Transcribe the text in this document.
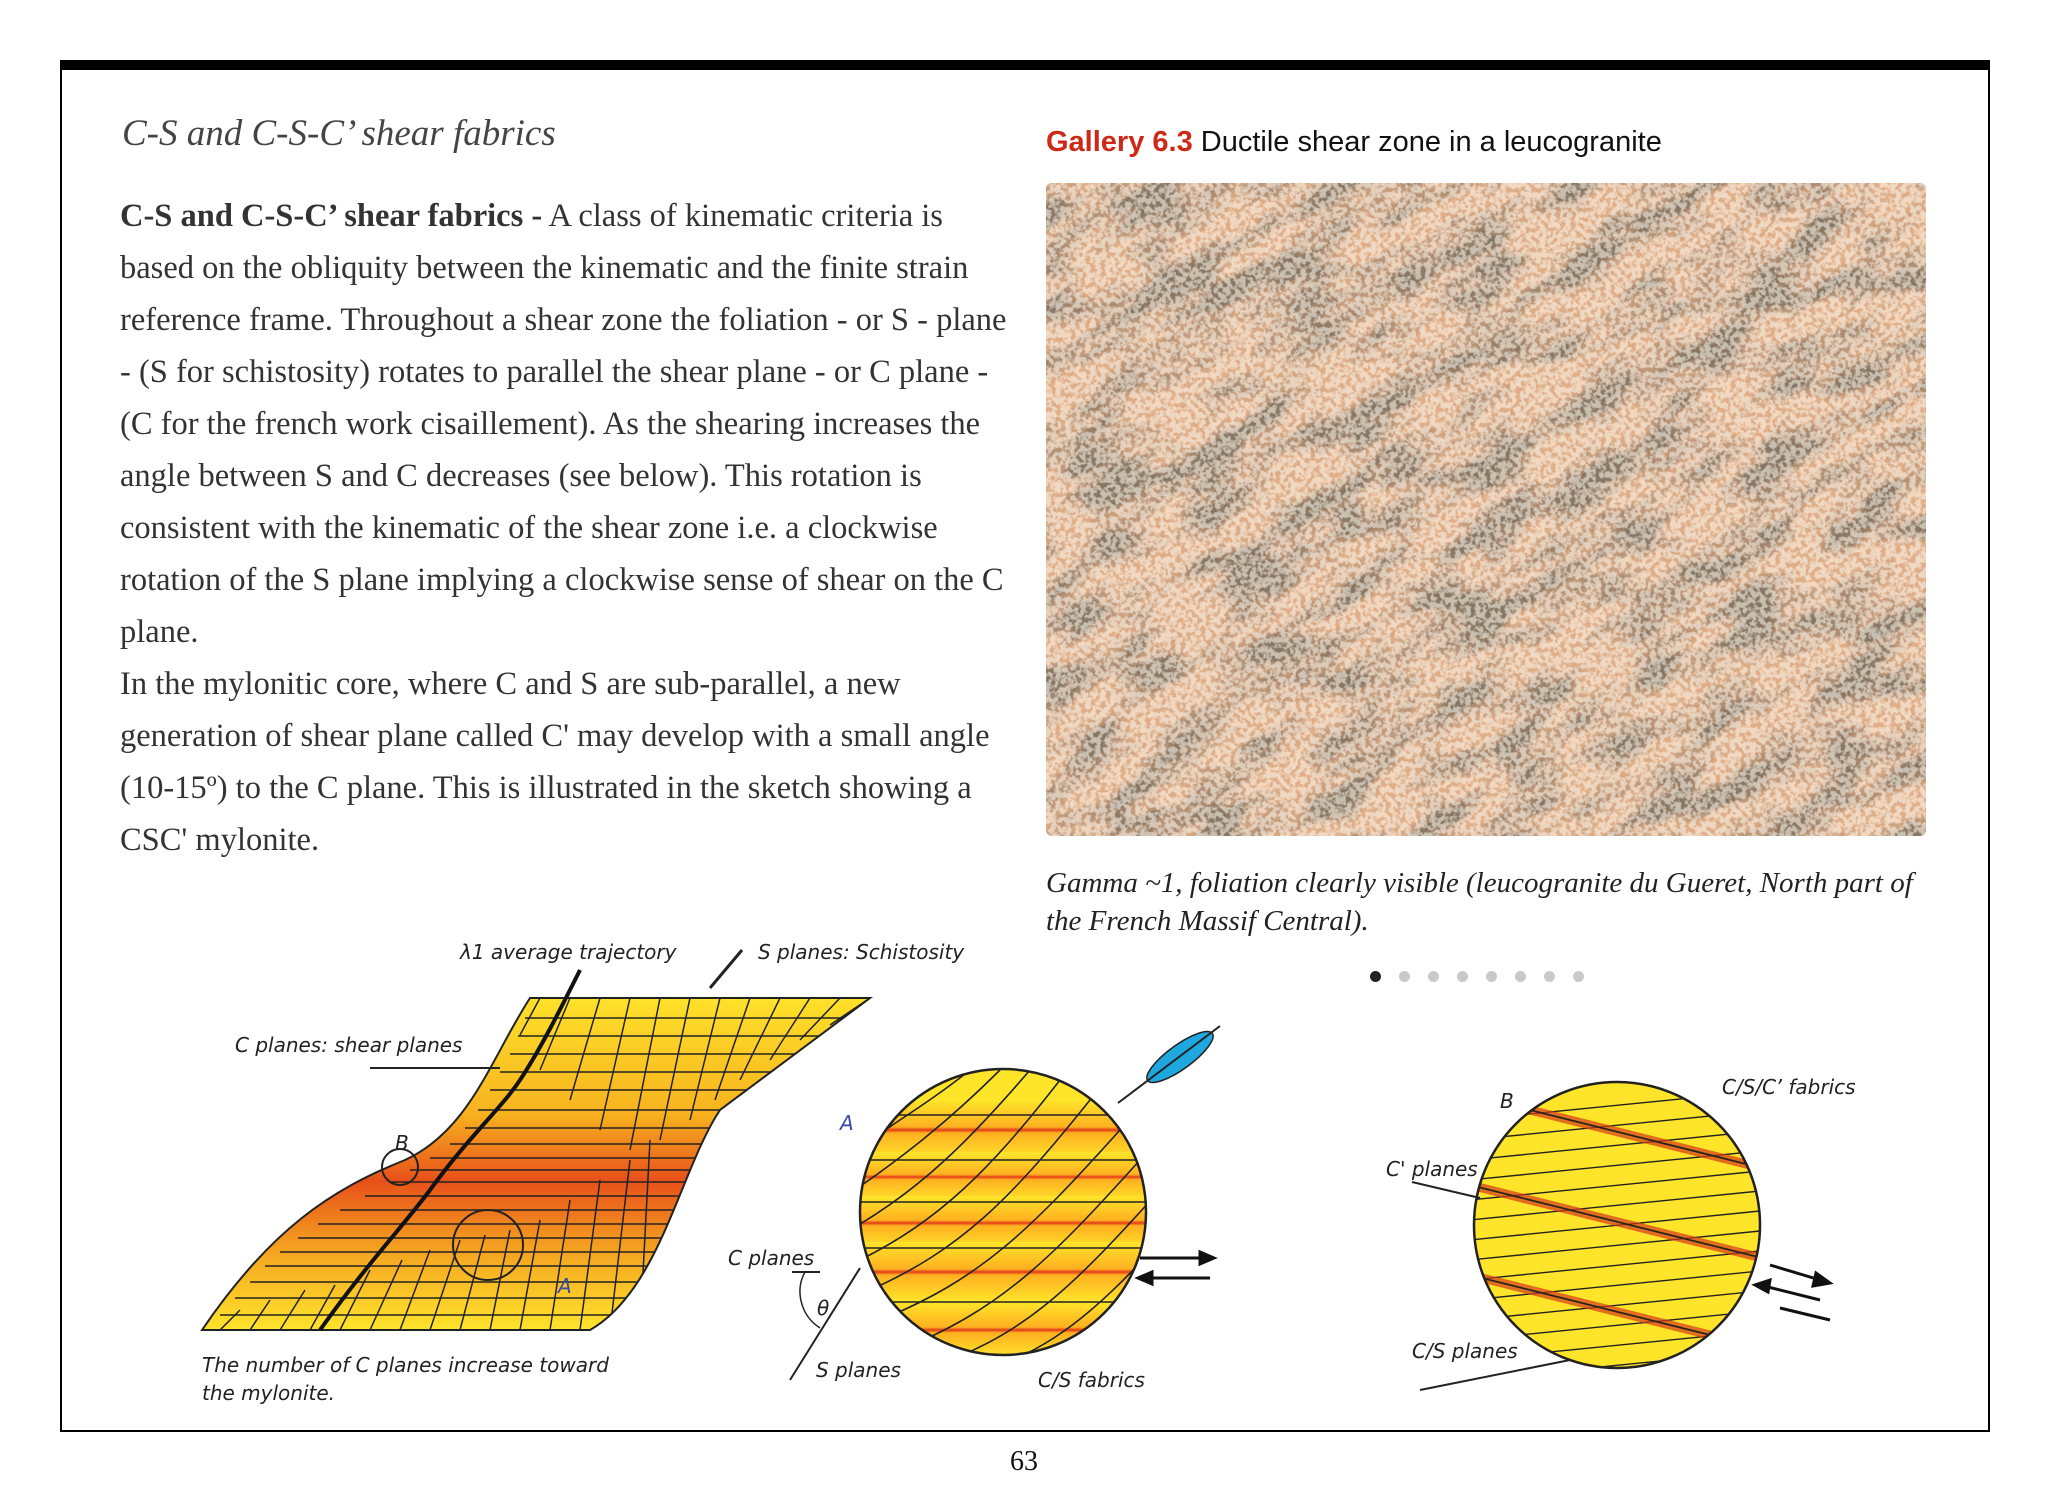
C-S and C-S-C’ shear fabrics

C-S and C-S-C’ shear fabrics - A class of kinematic criteria is based on the obliquity between the kinematic and the finite strain reference frame. Throughout a shear zone the foliation - or S - plane - (S for schistosity) rotates to parallel the shear plane - or C plane - (C for the french work cisaillement). As the shearing increases the angle between S and C decreases (see below). This rotation is consistent with the kinematic of the shear zone i.e. a clockwise rotation of the S plane implying a clockwise sense of shear on the C plane.

In the mylonitic core, where C and S are sub-parallel, a new generation of shear plane called C' may develop with a small angle (10-15º) to the C plane. This is illustrated in the sketch showing a CSC' mylonite.

Gallery 6.3 Ductile shear zone in a leucogranite
Gamma ~1, foliation clearly visible (leucogranite du Gueret, North part of the French Massif Central).
λ1 average trajectory	S planes: Schistosity
C planes: shear planes
B
A
The number of C planes increase toward
the mylonite.
A
C planes
θ
S planes	C/S fabrics
B
C' planes
C/S/C’ fabrics
C/S planes
63
